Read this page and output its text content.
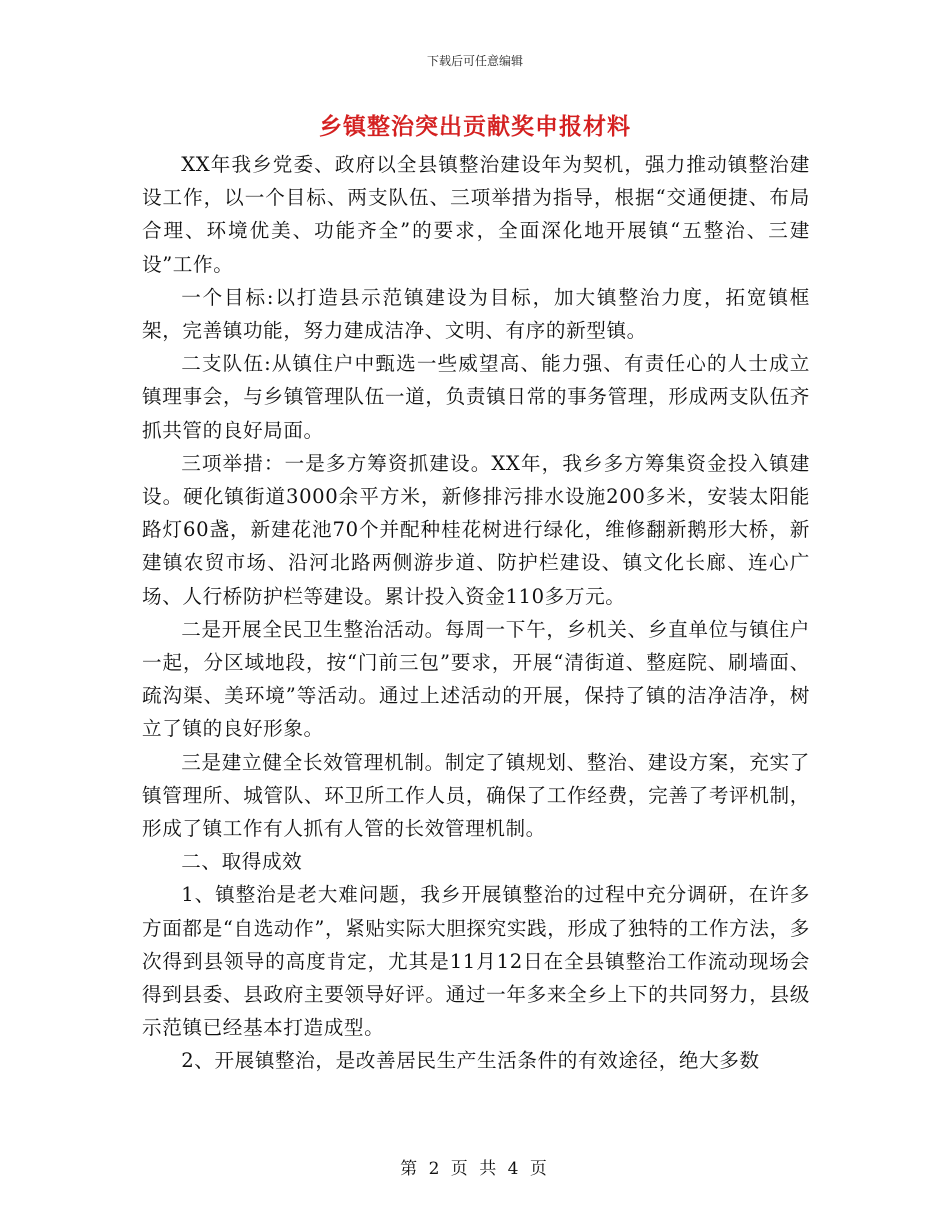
下载后可任意编辑
乡镇整治突出贡献奖申报材料

XX年我乡党委、政府以全县镇整治建设年为契机，强力推动镇整治建设工作，以一个目标、两支队伍、三项举措为指导，根据“交通便捷、布局合理、环境优美、功能齐全”的要求，全面深化地开展镇“五整治、三建设”工作。

一个目标:以打造县示范镇建设为目标，加大镇整治力度，拓宽镇框架，完善镇功能，努力建成洁净、文明、有序的新型镇。

二支队伍:从镇住户中甄选一些威望高、能力强、有责任心的人士成立镇理事会，与乡镇管理队伍一道，负责镇日常的事务管理，形成两支队伍齐抓共管的良好局面。

三项举措：一是多方筹资抓建设。XX年，我乡多方筹集资金投入镇建设。硬化镇街道3000余平方米，新修排污排水设施200多米，安装太阳能路灯60盏，新建花池70个并配种桂花树进行绿化，维修翻新鹅形大桥，新建镇农贸市场、沿河北路两侧游步道、防护栏建设、镇文化长廊、连心广场、人行桥防护栏等建设。累计投入资金110多万元。

二是开展全民卫生整治活动。每周一下午，乡机关、乡直单位与镇住户一起，分区域地段，按“门前三包”要求，开展“清街道、整庭院、刷墙面、疏沟渠、美环境”等活动。通过上述活动的开展，保持了镇的洁净洁净，树立了镇的良好形象。

三是建立健全长效管理机制。制定了镇规划、整治、建设方案，充实了镇管理所、城管队、环卫所工作人员，确保了工作经费，完善了考评机制，形成了镇工作有人抓有人管的长效管理机制。

二、取得成效

1、镇整治是老大难问题，我乡开展镇整治的过程中充分调研，在许多方面都是“自选动作”，紧贴实际大胆探究实践，形成了独特的工作方法，多次得到县领导的高度肯定，尤其是11月12日在全县镇整治工作流动现场会得到县委、县政府主要领导好评。通过一年多来全乡上下的共同努力，县级示范镇已经基本打造成型。

2、开展镇整治，是改善居民生产生活条件的有效途径，绝大多数

第 2 页 共 4 页
